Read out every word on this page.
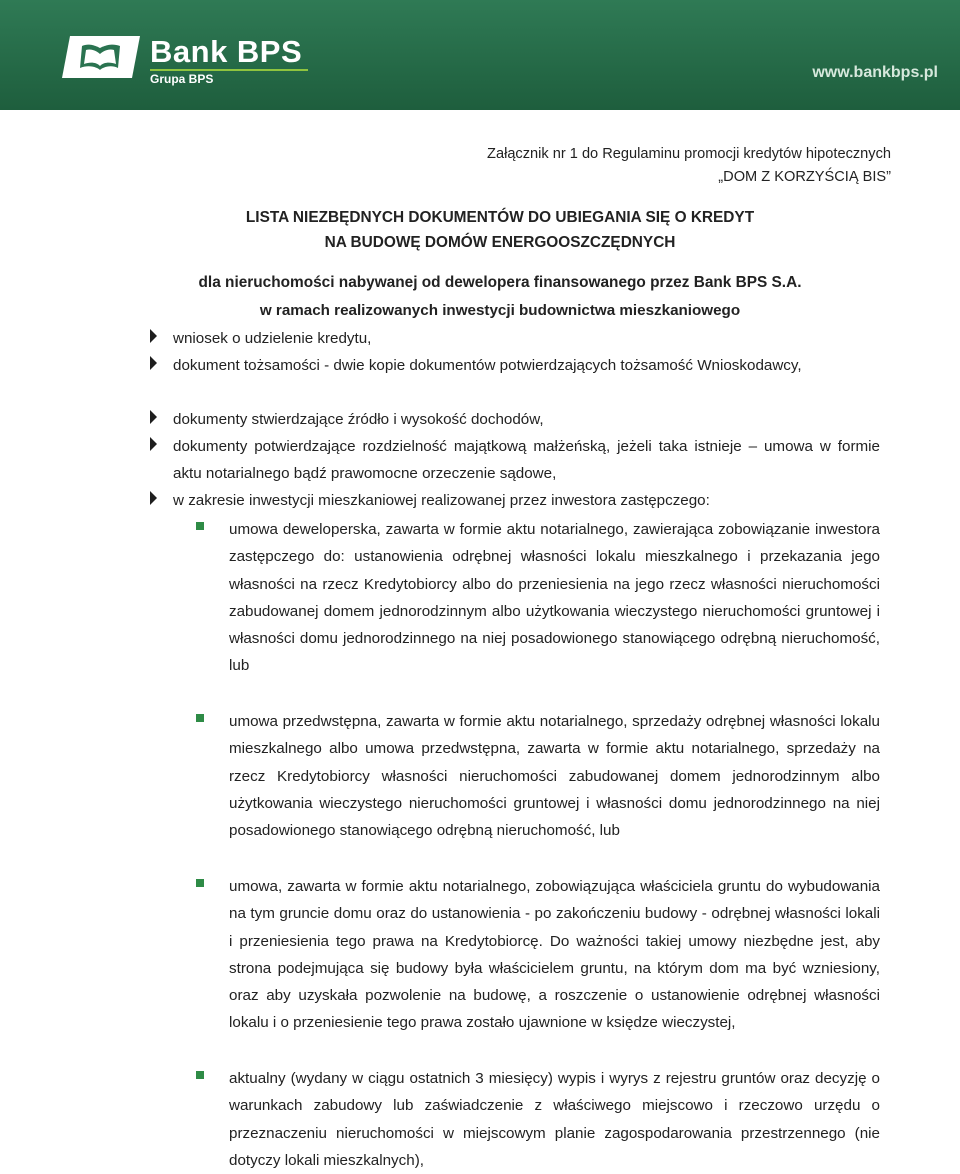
Bank BPS
Grupa BPS	www.bankbps.pl
Załącznik nr 1 do Regulaminu promocji kredytów hipotecznych
„DOM Z KORZYŚCIĄ BIS”
LISTA NIEZBĘDNYCH DOKUMENTÓW DO UBIEGANIA SIĘ O KREDYT
NA BUDOWĘ DOMÓW ENERGOOSZCZĘDNYCH
dla nieruchomości nabywanej od dewelopera finansowanego przez Bank BPS S.A.
w ramach realizowanych inwestycji budownictwa mieszkaniowego
wniosek o udzielenie kredytu,
dokument tożsamości - dwie kopie dokumentów potwierdzających tożsamość Wnioskodawcy,
dokumenty stwierdzające źródło i wysokość dochodów,
dokumenty potwierdzające rozdzielność majątkową małżeńską, jeżeli taka istnieje – umowa w formie aktu notarialnego bądź prawomocne orzeczenie sądowe,
w zakresie inwestycji mieszkaniowej realizowanej przez inwestora zastępczego:
umowa deweloperska, zawarta w formie aktu notarialnego, zawierająca zobowiązanie inwestora zastępczego do: ustanowienia odrębnej własności lokalu mieszkalnego i przekazania jego własności na rzecz Kredytobiorcy albo do przeniesienia na jego rzecz własności nieruchomości zabudowanej domem jednorodzinnym albo użytkowania wieczystego nieruchomości gruntowej i własności domu jednorodzinnego na niej posadowionego stanowiącego odrębną nieruchomość, lub
umowa przedwstępna, zawarta w formie aktu notarialnego, sprzedaży odrębnej własności lokalu mieszkalnego albo umowa przedwstępna, zawarta w formie aktu notarialnego, sprzedaży na rzecz Kredytobiorcy własności nieruchomości zabudowanej domem jednorodzinnym albo użytkowania wieczystego nieruchomości gruntowej i własności domu jednorodzinnego na niej posadowionego stanowiącego odrębną nieruchomość, lub
umowa, zawarta w formie aktu notarialnego, zobowiązująca właściciela gruntu do wybudowania na tym gruncie domu oraz do ustanowienia - po zakończeniu budowy - odrębnej własności lokali i przeniesienia tego prawa na Kredytobiorcę. Do ważności takiej umowy niezbędne jest, aby strona podejmująca się budowy była właścicielem gruntu, na którym dom ma być wzniesiony, oraz aby uzyskała pozwolenie na budowę, a roszczenie o ustanowienie odrębnej własności lokalu i o przeniesienie tego prawa zostało ujawnione w księdze wieczystej,
aktualny (wydany w ciągu ostatnich 3 miesięcy) wypis i wyrys z rejestru gruntów oraz decyzję o warunkach zabudowy lub zaświadczenie z właściwego miejscowo i rzeczowo urzędu o przeznaczeniu nieruchomości w miejscowym planie zagospodarowania przestrzennego (nie dotyczy lokali mieszkalnych),
